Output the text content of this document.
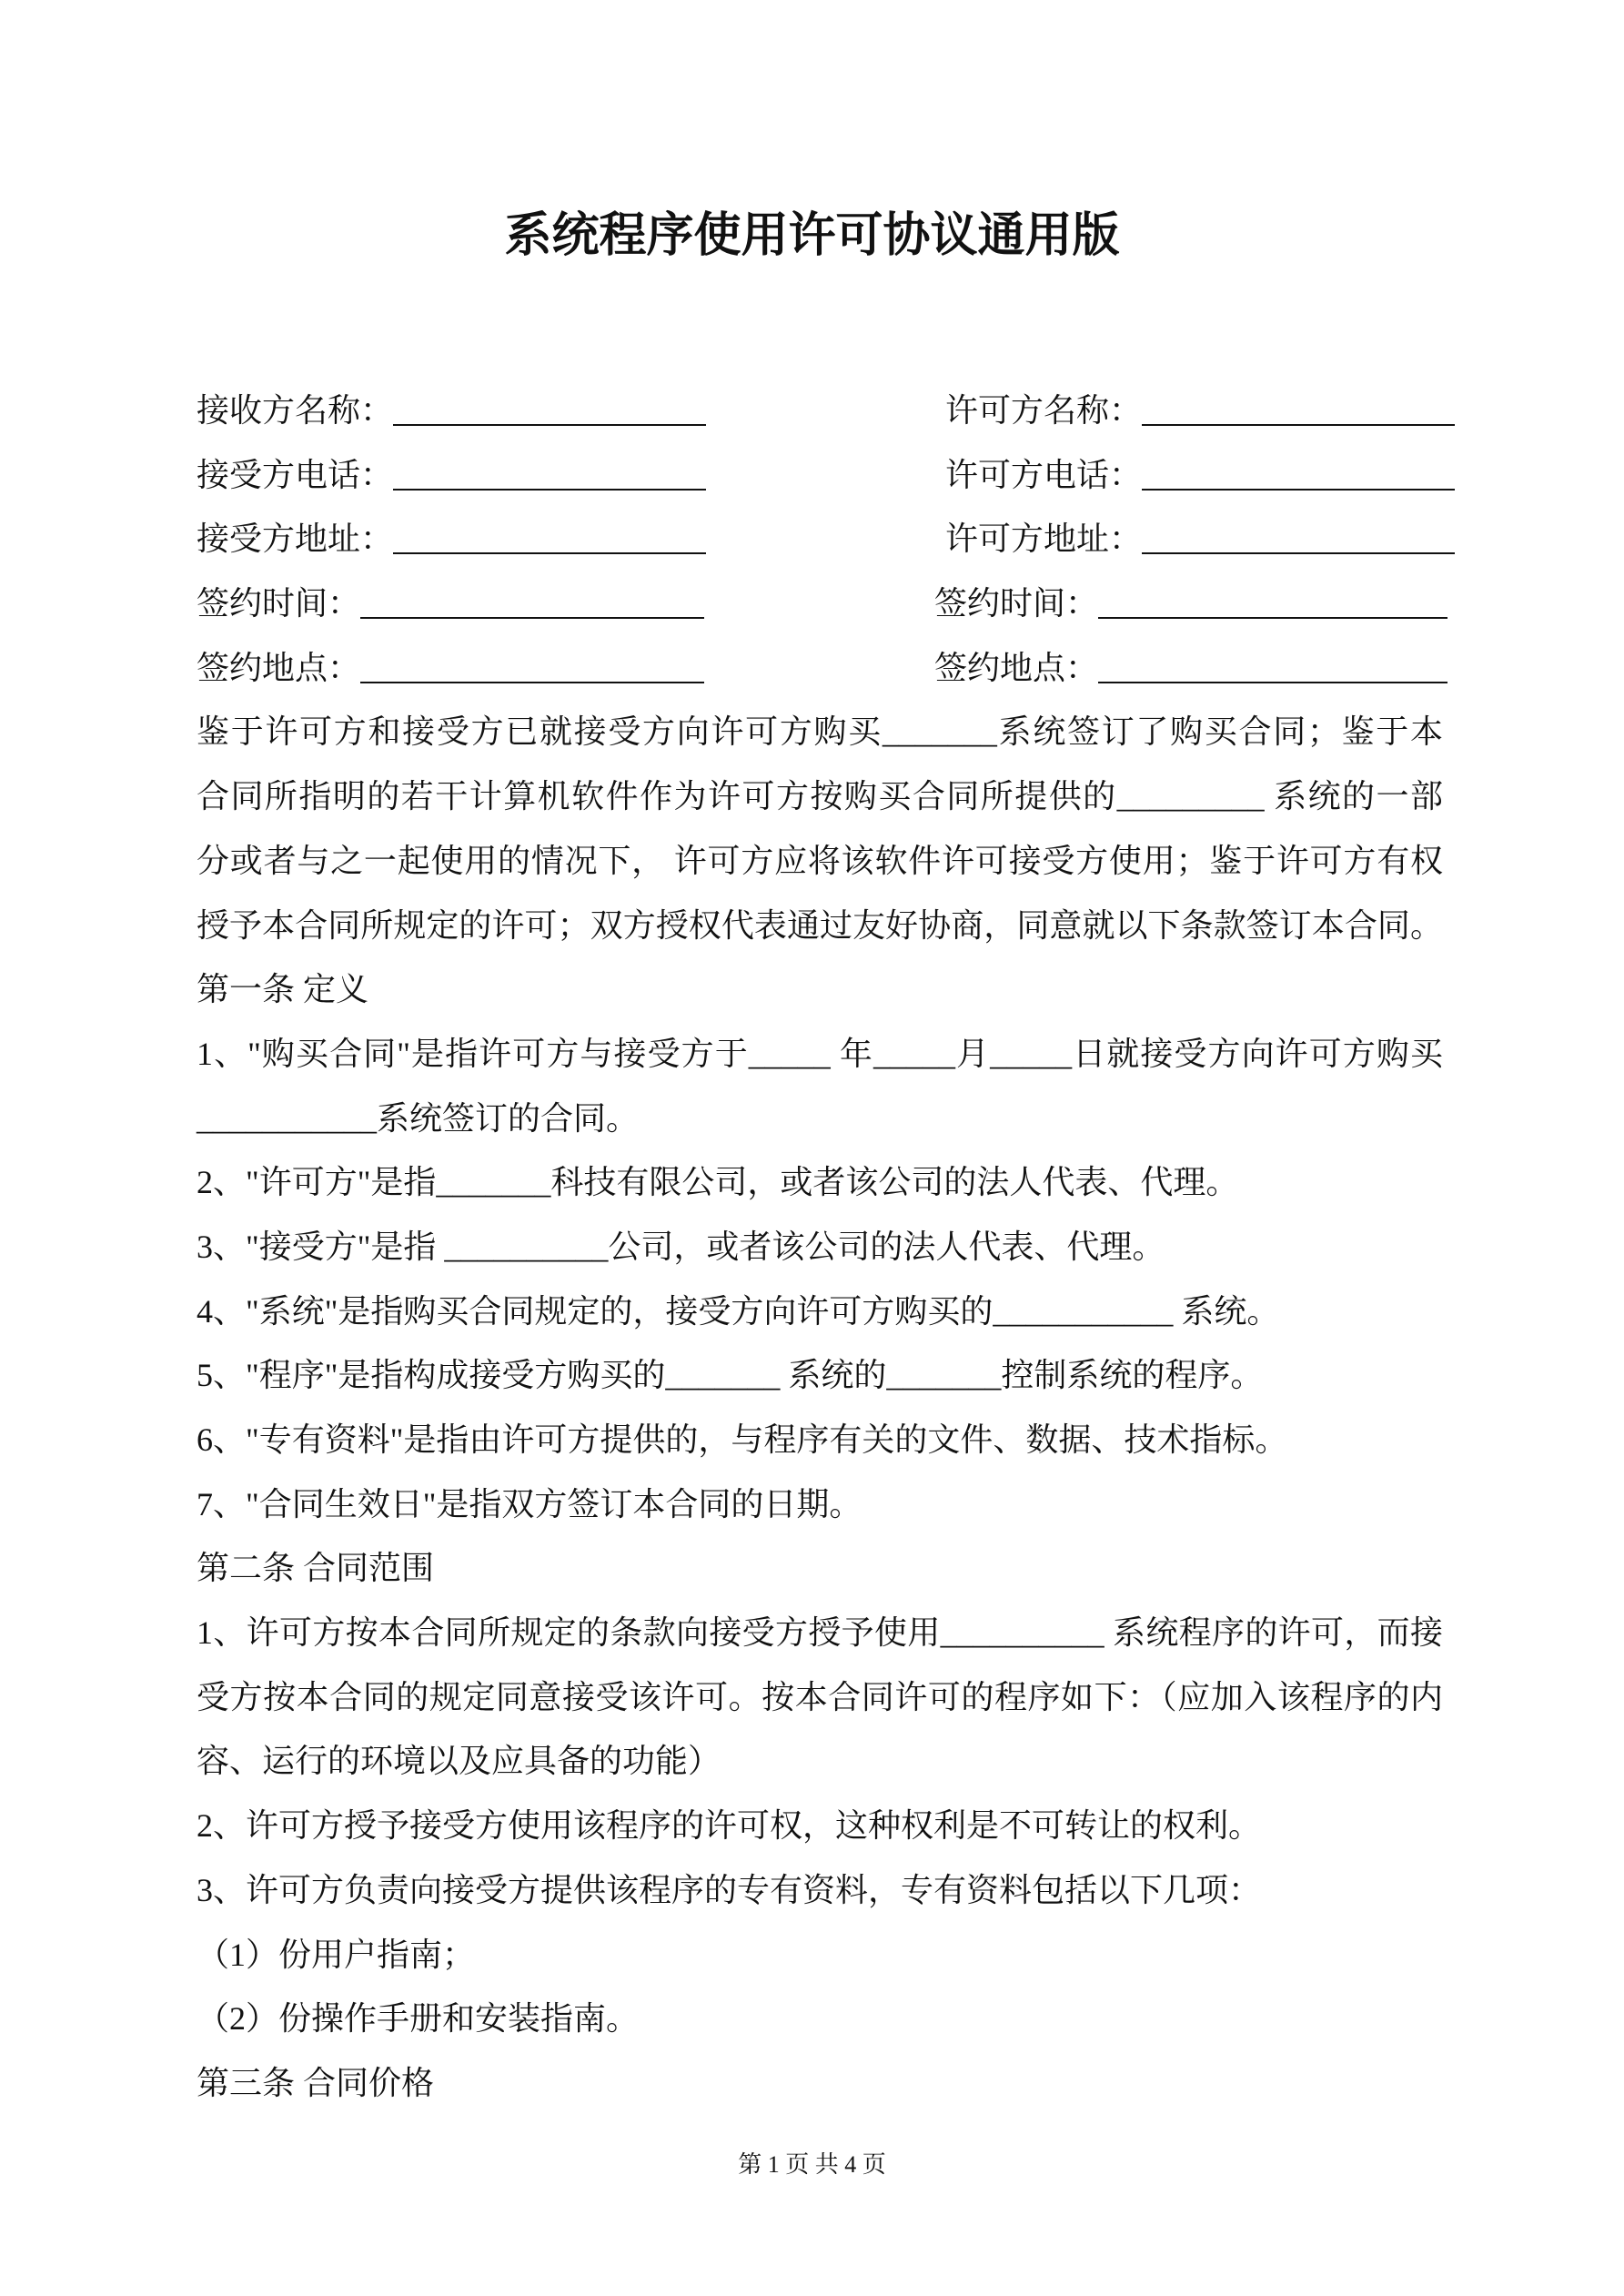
系统程序使用许可协议通用版
接收方名称：	许可方名称：
接受方电话：	许可方电话：
接受方地址：	许可方地址：
签约时间：	签约时间：
签约地点：	签约地点：
鉴于许可方和接受方已就接受方向许可方购买_______系统签订了购买合同；鉴于本
合同所指明的若干计算机软件作为许可方按购买合同所提供的_________ 系统的一部
分或者与之一起使用的情况下， 许可方应将该软件许可接受方使用；鉴于许可方有权
授予本合同所规定的许可；双方授权代表通过友好协商，同意就以下条款签订本合同。
第一条 定义
1、"购买合同"是指许可方与接受方于_____ 年_____月_____日就接受方向许可方购买
___________系统签订的合同。
2、"许可方"是指_______科技有限公司，或者该公司的法人代表、代理。
3、"接受方"是指 __________公司，或者该公司的法人代表、代理。
4、"系统"是指购买合同规定的，接受方向许可方购买的___________ 系统。
5、"程序"是指构成接受方购买的_______ 系统的_______控制系统的程序。
6、"专有资料"是指由许可方提供的，与程序有关的文件、数据、技术指标。
7、"合同生效日"是指双方签订本合同的日期。
第二条 合同范围
1、许可方按本合同所规定的条款向接受方授予使用__________ 系统程序的许可，而接
受方按本合同的规定同意接受该许可。按本合同许可的程序如下：（应加入该程序的内
容、运行的环境以及应具备的功能）
2、许可方授予接受方使用该程序的许可权，这种权利是不可转让的权利。
3、许可方负责向接受方提供该程序的专有资料，专有资料包括以下几项：
（1）份用户指南；
（2）份操作手册和安装指南。
第三条 合同价格
第 1 页 共 4 页
